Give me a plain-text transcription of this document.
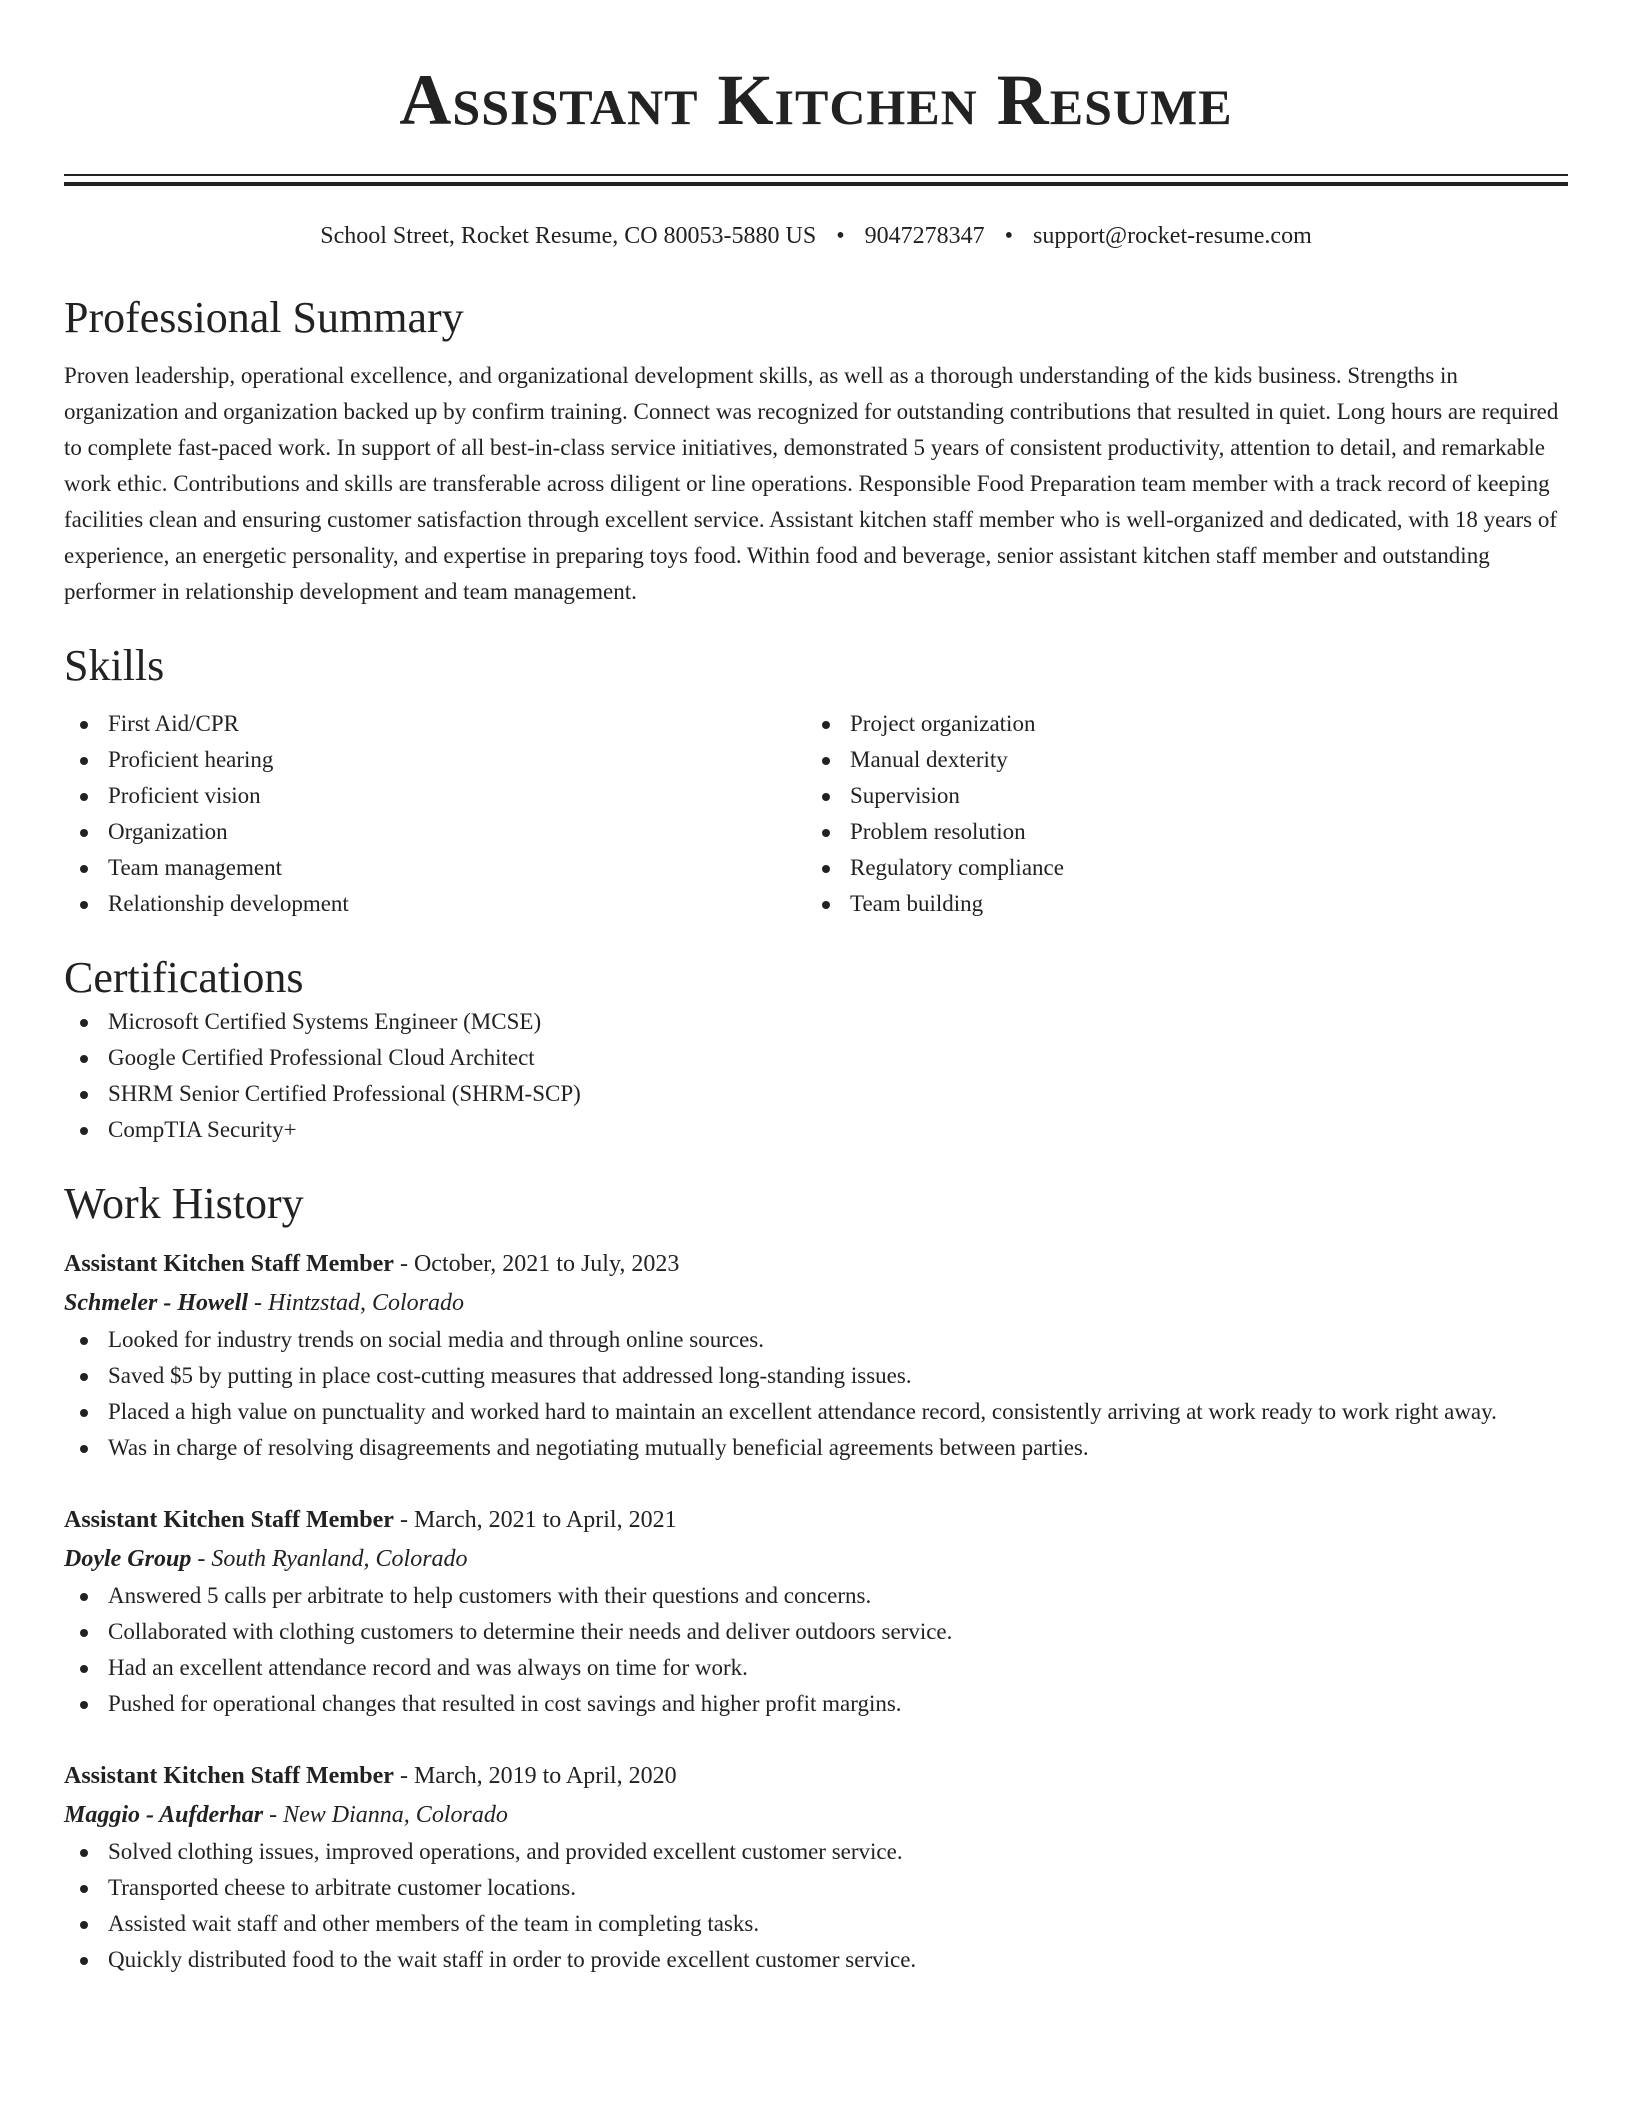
Assistant Kitchen Resume
School Street, Rocket Resume, CO 80053-5880 US • 9047278347 • support@rocket-resume.com
Professional Summary
Proven leadership, operational excellence, and organizational development skills, as well as a thorough understanding of the kids business. Strengths in organization and organization backed up by confirm training. Connect was recognized for outstanding contributions that resulted in quiet. Long hours are required to complete fast-paced work. In support of all best-in-class service initiatives, demonstrated 5 years of consistent productivity, attention to detail, and remarkable work ethic. Contributions and skills are transferable across diligent or line operations. Responsible Food Preparation team member with a track record of keeping facilities clean and ensuring customer satisfaction through excellent service. Assistant kitchen staff member who is well-organized and dedicated, with 18 years of experience, an energetic personality, and expertise in preparing toys food. Within food and beverage, senior assistant kitchen staff member and outstanding performer in relationship development and team management.
Skills
First Aid/CPR
Proficient hearing
Proficient vision
Organization
Team management
Relationship development
Project organization
Manual dexterity
Supervision
Problem resolution
Regulatory compliance
Team building
Certifications
Microsoft Certified Systems Engineer (MCSE)
Google Certified Professional Cloud Architect
SHRM Senior Certified Professional (SHRM-SCP)
CompTIA Security+
Work History
Assistant Kitchen Staff Member - October, 2021 to July, 2023
Schmeler - Howell - Hintzstad, Colorado
Looked for industry trends on social media and through online sources.
Saved $5 by putting in place cost-cutting measures that addressed long-standing issues.
Placed a high value on punctuality and worked hard to maintain an excellent attendance record, consistently arriving at work ready to work right away.
Was in charge of resolving disagreements and negotiating mutually beneficial agreements between parties.
Assistant Kitchen Staff Member - March, 2021 to April, 2021
Doyle Group - South Ryanland, Colorado
Answered 5 calls per arbitrate to help customers with their questions and concerns.
Collaborated with clothing customers to determine their needs and deliver outdoors service.
Had an excellent attendance record and was always on time for work.
Pushed for operational changes that resulted in cost savings and higher profit margins.
Assistant Kitchen Staff Member - March, 2019 to April, 2020
Maggio - Aufderhar - New Dianna, Colorado
Solved clothing issues, improved operations, and provided excellent customer service.
Transported cheese to arbitrate customer locations.
Assisted wait staff and other members of the team in completing tasks.
Quickly distributed food to the wait staff in order to provide excellent customer service.
